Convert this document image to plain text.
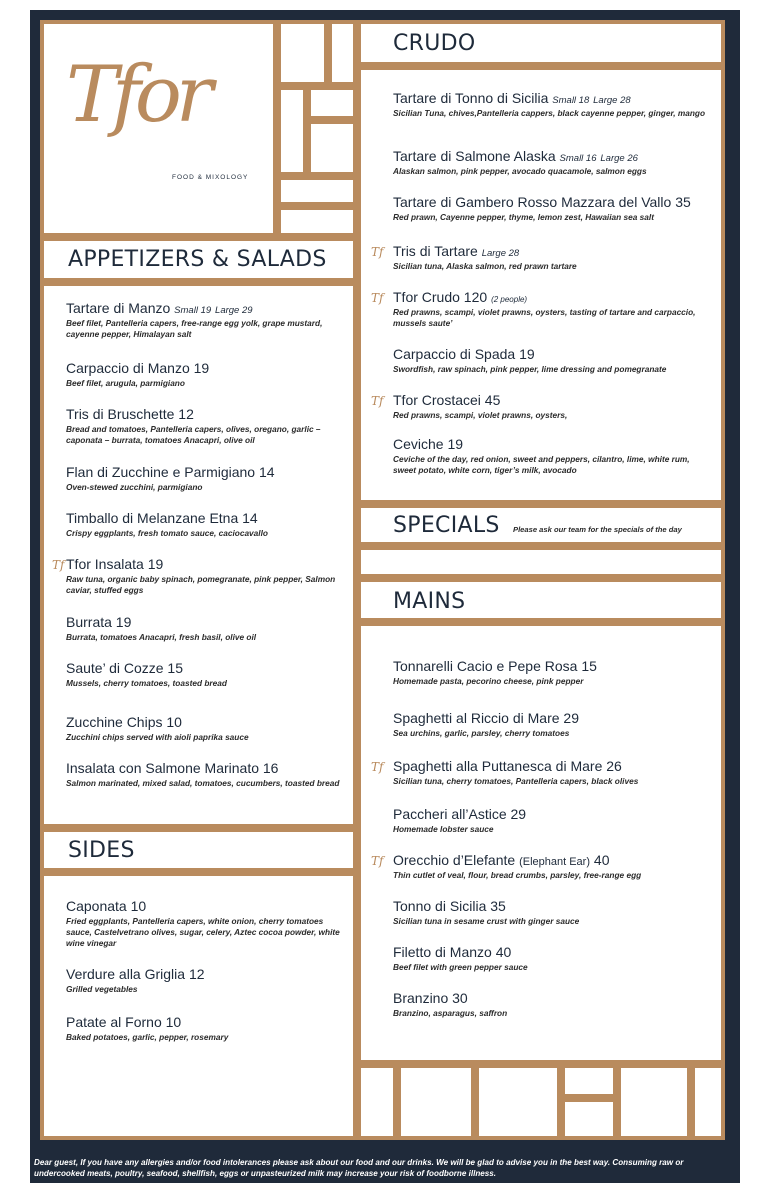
Tfor
FOOD & MIXOLOGY
APPETIZERS & SALADS
Tartare di Manzo Small 19 Large 29
Beef filet, Pantelleria capers, free-range egg yolk, grape mustard, cayenne pepper, Himalayan salt
Carpaccio di Manzo 19
Beef filet, arugula, parmigiano
Tris di Bruschette 12
Bread and tomatoes, Pantelleria capers, olives, oregano, garlic – caponata – burrata, tomatoes Anacapri, olive oil
Flan di Zucchine e Parmigiano 14
Oven-stewed zucchini, parmigiano
Timballo di Melanzane Etna 14
Crispy eggplants, fresh tomato sauce, caciocavallo
Tf Tfor Insalata 19
Raw tuna, organic baby spinach, pomegranate, pink pepper, Salmon caviar, stuffed eggs
Burrata 19
Burrata, tomatoes Anacapri, fresh basil, olive oil
Saute’ di Cozze 15
Mussels, cherry tomatoes, toasted bread
Zucchine Chips 10
Zucchini chips served with aioli paprika sauce
Insalata con Salmone Marinato 16
Salmon marinated, mixed salad, tomatoes, cucumbers, toasted bread
SIDES
Caponata 10
Fried eggplants, Pantelleria capers, white onion, cherry tomatoes sauce, Castelvetrano olives, sugar, celery, Aztec cocoa powder, white wine vinegar
Verdure alla Griglia 12
Grilled vegetables
Patate al Forno 10
Baked potatoes, garlic, pepper, rosemary
CRUDO
Tartare di Tonno di Sicilia Small 18 Large 28
Sicilian Tuna, chives,Pantelleria cappers, black cayenne pepper, ginger, mango
Tartare di Salmone Alaska Small 16 Large 26
Alaskan salmon, pink pepper, avocado quacamole, salmon eggs
Tartare di Gambero Rosso Mazzara del Vallo 35
Red prawn, Cayenne pepper, thyme, lemon zest, Hawaiian sea salt
Tf Tris di Tartare Large 28
Sicilian tuna, Alaska salmon, red prawn tartare
Tf Tfor Crudo 120 (2 people)
Red prawns, scampi, violet prawns, oysters, tasting of tartare and carpaccio, mussels saute’
Carpaccio di Spada 19
Swordfish, raw spinach, pink pepper, lime dressing and pomegranate
Tf Tfor Crostacei 45
Red prawns, scampi, violet prawns, oysters,
Ceviche 19
Ceviche of the day, red onion, sweet and peppers, cilantro, lime, white rum, sweet potato, white corn, tiger’s milk, avocado
SPECIALS Please ask our team for the specials of the day
MAINS
Tonnarelli Cacio e Pepe Rosa 15
Homemade pasta, pecorino cheese, pink pepper
Spaghetti al Riccio di Mare 29
Sea urchins, garlic, parsley, cherry tomatoes
Tf Spaghetti alla Puttanesca di Mare 26
Sicilian tuna, cherry tomatoes, Pantelleria capers, black olives
Paccheri all’Astice 29
Homemade lobster sauce
Tf Orecchio d’Elefante (Elephant Ear) 40
Thin cutlet of veal, flour, bread crumbs, parsley, free-range egg
Tonno di Sicilia 35
Sicilian tuna in sesame crust with ginger sauce
Filetto di Manzo 40
Beef filet with green pepper sauce
Branzino 30
Branzino, asparagus, saffron
Dear guest, If you have any allergies and/or food intolerances please ask about our food and our drinks. We will be glad to advise you in the best way. Consuming raw or undercooked meats, poultry, seafood, shellfish, eggs or unpasteurized milk may increase your risk of foodborne illness.
